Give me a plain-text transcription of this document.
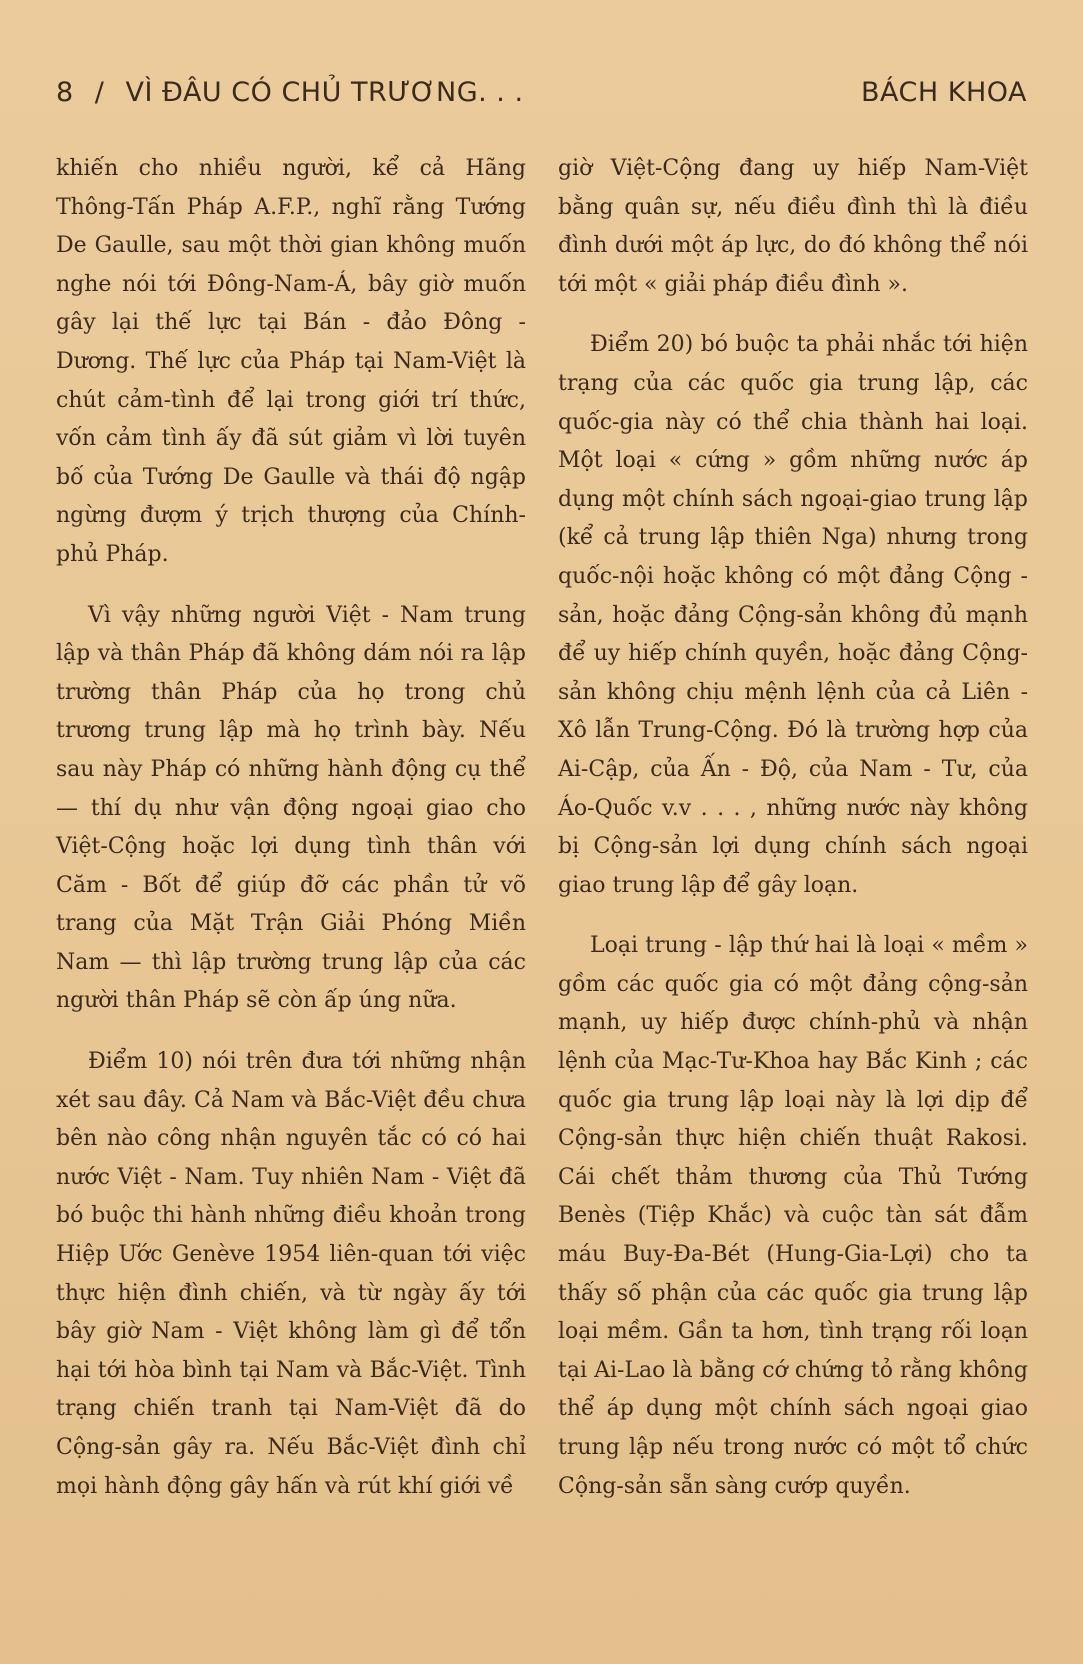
8 / VÌ ĐÂU CÓ CHỦ TRƯƠNG. . .	BÁCH KHOA

khiến cho nhiều người, kể cả Hãng Thông-Tấn Pháp A.F.P., nghĩ rằng Tướng De Gaulle, sau một thời gian không muốn nghe nói tới Đông-Nam-Á, bây giờ muốn gây lại thế lực tại Bán - đảo Đông - Dương. Thế lực của Pháp tại Nam-Việt là chút cảm-tình để lại trong giới trí thức, vốn cảm tình ấy đã sút giảm vì lời tuyên bố của Tướng De Gaulle và thái độ ngập ngừng đượm ý trịch thượng của Chính-phủ Pháp.

Vì vậy những người Việt - Nam trung lập và thân Pháp đã không dám nói ra lập trường thân Pháp của họ trong chủ trương trung lập mà họ trình bày. Nếu sau này Pháp có những hành động cụ thể — thí dụ như vận động ngoại giao cho Việt-Cộng hoặc lợi dụng tình thân với Căm - Bốt để giúp đỡ các phần tử võ trang của Mặt Trận Giải Phóng Miền Nam — thì lập trường trung lập của các người thân Pháp sẽ còn ấp úng nữa.

Điểm 10) nói trên đưa tới những nhận xét sau đây. Cả Nam và Bắc-Việt đều chưa bên nào công nhận nguyên tắc có có hai nước Việt - Nam. Tuy nhiên Nam - Việt đã bó buộc thi hành những điều khoản trong Hiệp Ước Genève 1954 liên-quan tới việc thực hiện đình chiến, và từ ngày ấy tới bây giờ Nam - Việt không làm gì để tổn hại tới hòa bình tại Nam và Bắc-Việt. Tình trạng chiến tranh tại Nam-Việt đã do Cộng-sản gây ra. Nếu Bắc-Việt đình chỉ mọi hành động gây hấn và rút khí giới về

giờ Việt-Cộng đang uy hiếp Nam-Việt bằng quân sự, nếu điều đình thì là điều đình dưới một áp lực, do đó không thể nói tới một « giải pháp điều đình ».

Điểm 20) bó buộc ta phải nhắc tới hiện trạng của các quốc gia trung lập, các quốc-gia này có thể chia thành hai loại. Một loại « cứng » gồm những nước áp dụng một chính sách ngoại-giao trung lập (kể cả trung lập thiên Nga) nhưng trong quốc-nội hoặc không có một đảng Cộng - sản, hoặc đảng Cộng-sản không đủ mạnh để uy hiếp chính quyền, hoặc đảng Cộng-sản không chịu mệnh lệnh của cả Liên - Xô lẫn Trung-Cộng. Đó là trường hợp của Ai-Cập, của Ấn - Độ, của Nam - Tư, của Áo-Quốc v.v . . . , những nước này không bị Cộng-sản lợi dụng chính sách ngoại giao trung lập để gây loạn.

Loại trung - lập thứ hai là loại « mềm » gồm các quốc gia có một đảng cộng-sản mạnh, uy hiếp được chính-phủ và nhận lệnh của Mạc-Tư-Khoa hay Bắc Kinh ; các quốc gia trung lập loại này là lợi dịp để Cộng-sản thực hiện chiến thuật Rakosi. Cái chết thảm thương của Thủ Tướng Benès (Tiệp Khắc) và cuộc tàn sát đẫm máu Buy-Đa-Bét (Hung-Gia-Lợi) cho ta thấy số phận của các quốc gia trung lập loại mềm. Gần ta hơn, tình trạng rối loạn tại Ai-Lao là bằng cớ chứng tỏ rằng không thể áp dụng một chính sách ngoại giao trung lập nếu trong nước có một tổ chức Cộng-sản sẵn sàng cướp quyền.
